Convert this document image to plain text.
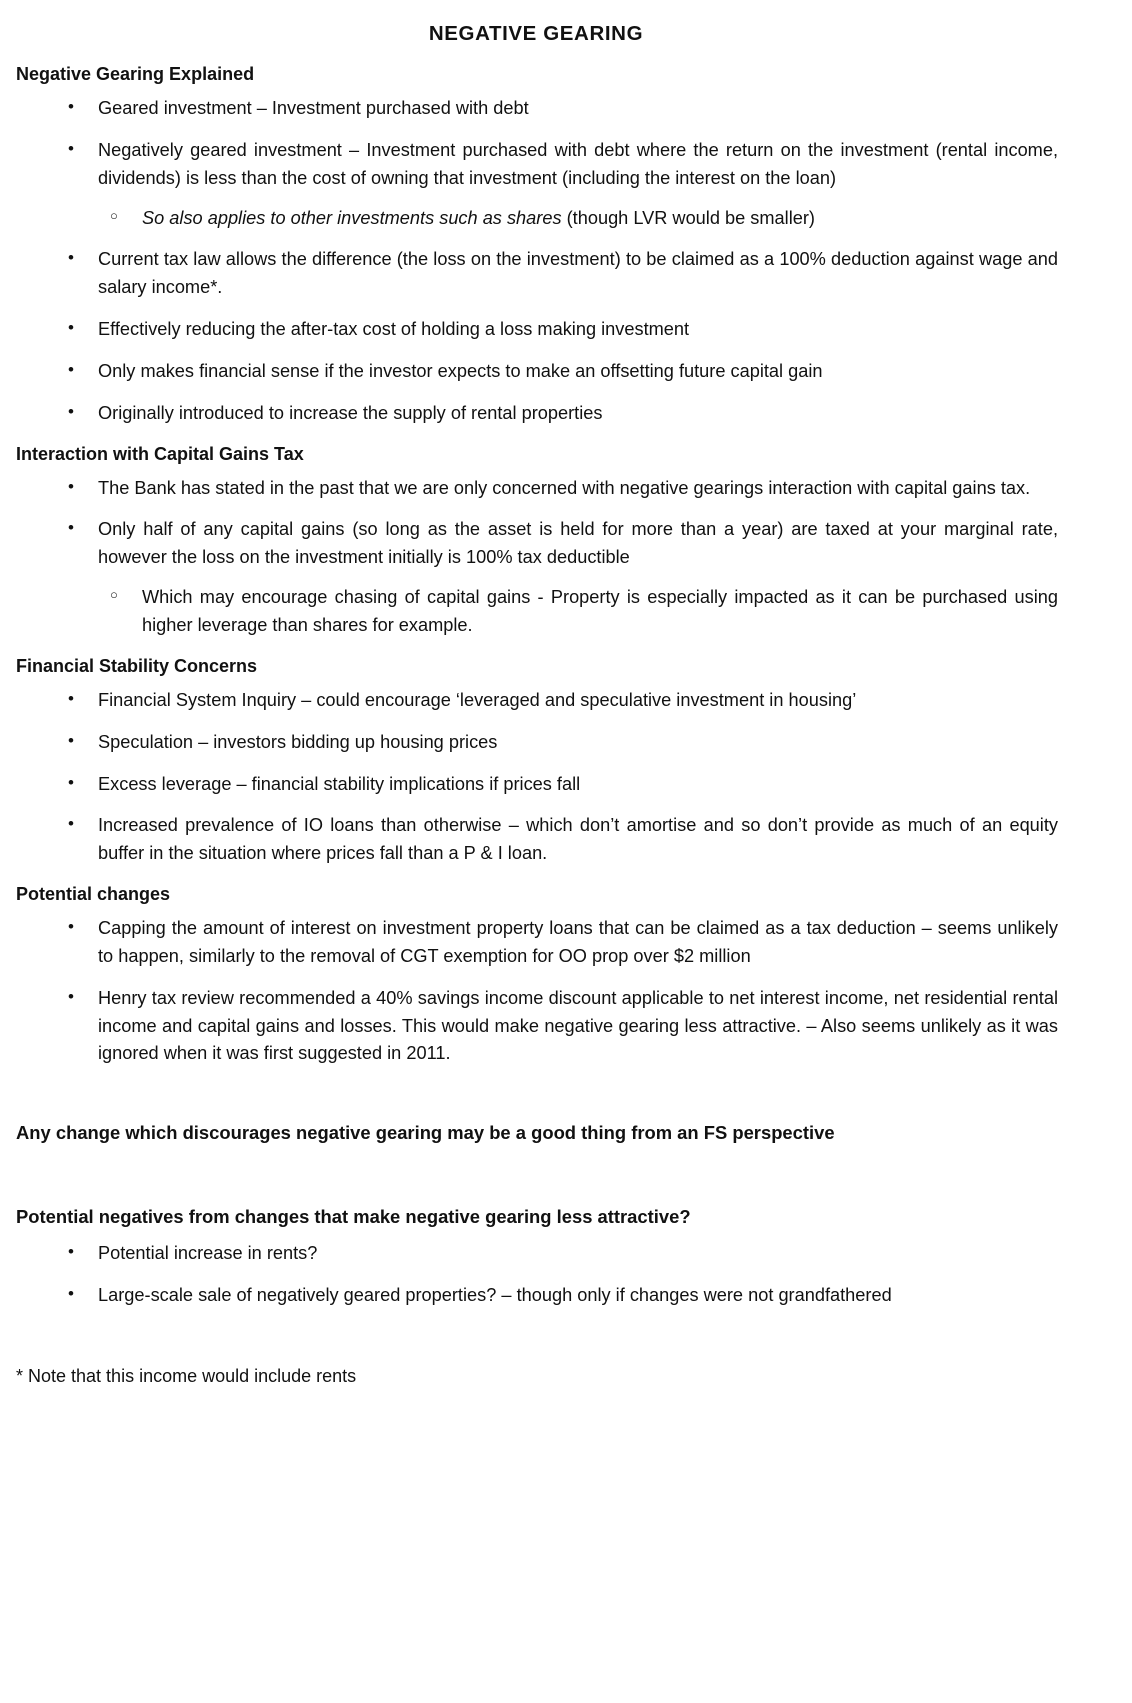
NEGATIVE GEARING
Negative Gearing Explained
• Geared investment – Investment purchased with debt
• Negatively geared investment – Investment purchased with debt where the return on the investment (rental income, dividends) is less than the cost of owning that investment (including the interest on the loan)
○ So also applies to other investments such as shares (though LVR would be smaller)
• Current tax law allows the difference (the loss on the investment) to be claimed as a 100% deduction against wage and salary income*.
• Effectively reducing the after-tax cost of holding a loss making investment
• Only makes financial sense if the investor expects to make an offsetting future capital gain
• Originally introduced to increase the supply of rental properties
Interaction with Capital Gains Tax
• The Bank has stated in the past that we are only concerned with negative gearings interaction with capital gains tax.
• Only half of any capital gains (so long as the asset is held for more than a year) are taxed at your marginal rate, however the loss on the investment initially is 100% tax deductible
○ Which may encourage chasing of capital gains - Property is especially impacted as it can be purchased using higher leverage than shares for example.
Financial Stability Concerns
• Financial System Inquiry – could encourage ‘leveraged and speculative investment in housing’
• Speculation – investors bidding up housing prices
• Excess leverage – financial stability implications if prices fall
• Increased prevalence of IO loans than otherwise – which don’t amortise and so don’t provide as much of an equity buffer in the situation where prices fall than a P & I loan.
Potential changes
• Capping the amount of interest on investment property loans that can be claimed as a tax deduction – seems unlikely to happen, similarly to the removal of CGT exemption for OO prop over $2 million
• Henry tax review recommended a 40% savings income discount applicable to net interest income, net residential rental income and capital gains and losses. This would make negative gearing less attractive. – Also seems unlikely as it was ignored when it was first suggested in 2011.
Any change which discourages negative gearing may be a good thing from an FS perspective
Potential negatives from changes that make negative gearing less attractive?
• Potential increase in rents?
• Large-scale sale of negatively geared properties? – though only if changes were not grandfathered
* Note that this income would include rents
